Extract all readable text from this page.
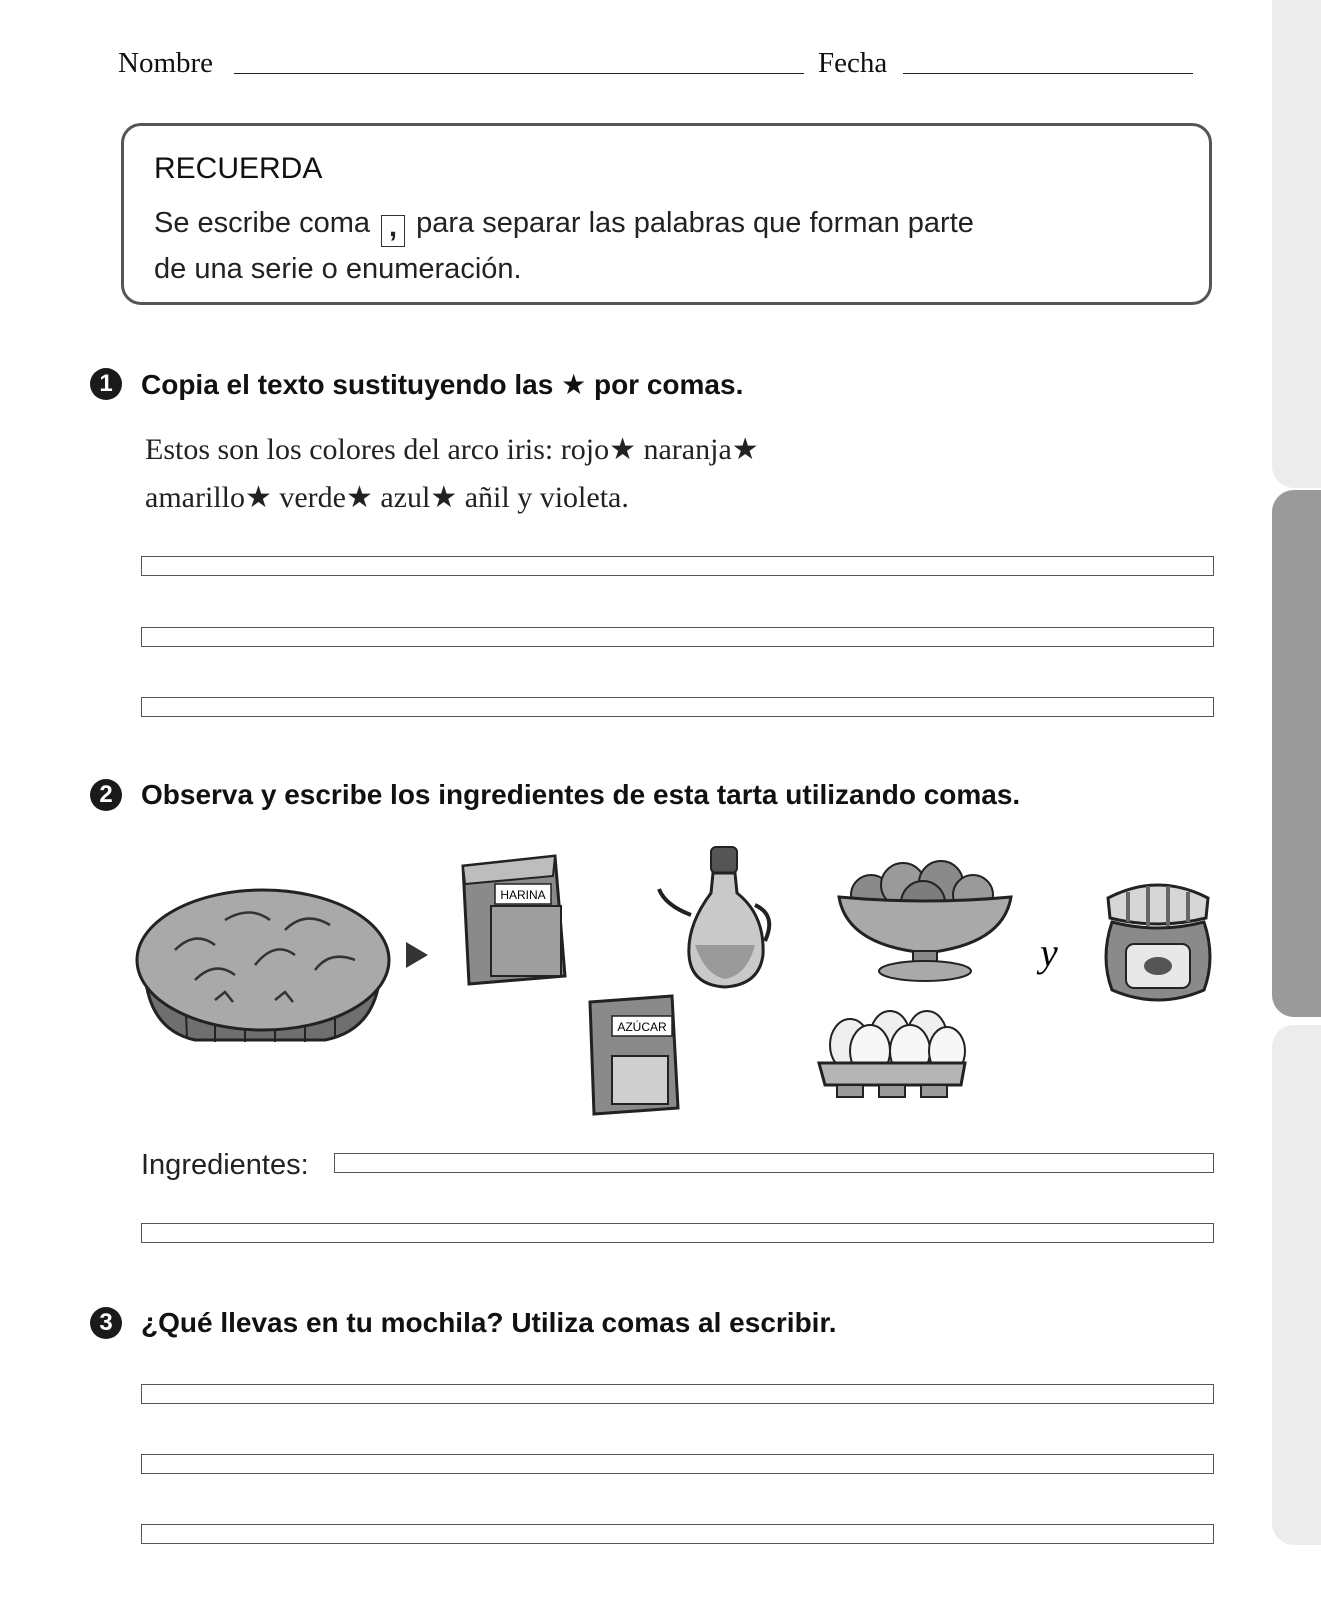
Nombre	Fecha
RECUERDA
Se escribe coma , para separar las palabras que forman parte
de una serie o enumeración.
1	Copia el texto sustituyendo las ★ por comas.
Estos son los colores del arco iris: rojo★ naranja★
amarillo★ verde★ azul★ añil y violeta.
2	Observa y escribe los ingredientes de esta tarta utilizando comas.
HARINA
AZÚCAR
y
Ingredientes:
3	¿Qué llevas en tu mochila? Utiliza comas al escribir.
